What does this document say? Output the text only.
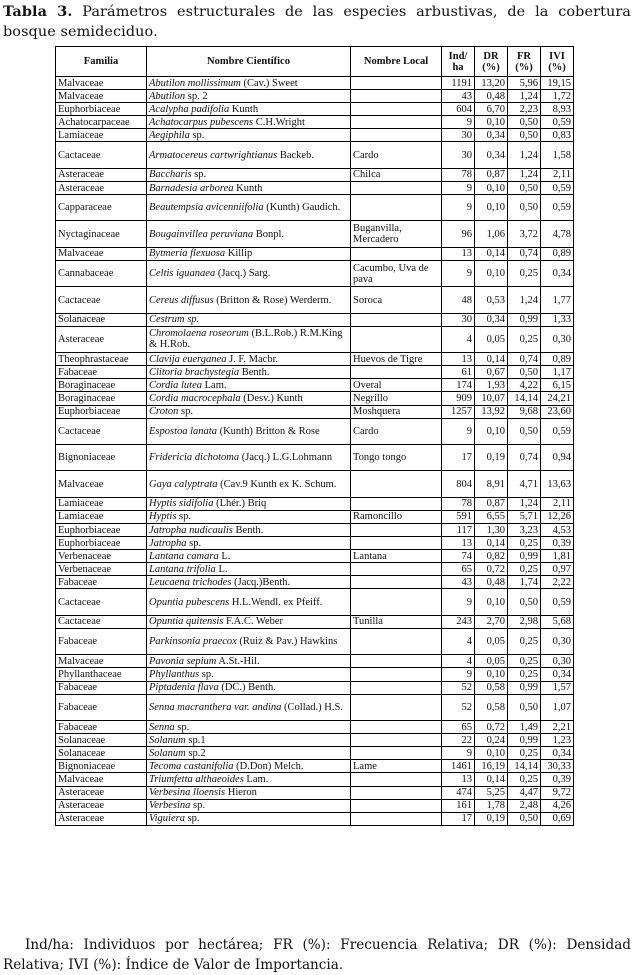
Tabla 3. Parámetros estructurales de las especies arbustivas, de la cobertura bosque semideciduo.
Familia	Nombre Científico	Nombre Local	Ind/ ha	DR (%)	FR (%)	IVI (%)
Malvaceae	Abutilon mollissimum (Cav.) Sweet		1191	13,20	5,96	19,15
Malvaceae	Abutilon sp. 2		43	0,48	1,24	1,72
Euphorbiaceae	Acalypha padifolia Kunth		604	6,70	2,23	8,93
Achatocarpaceae	Achatocarpus pubescens C.H.Wright		9	0,10	0,50	0,59
Lamiaceae	Aegiphila sp.		30	0,34	0,50	0,83
Cactaceae	Armatocereus cartwrightianus Backeb.	Cardo	30	0,34	1,24	1,58
Asteraceae	Baccharis sp.	Chilca	78	0,87	1,24	2,11
Asteraceae	Barnadesia arborea Kunth		9	0,10	0,50	0,59
Capparaceae	Beautempsia avicenniifolia (Kunth) Gaudich.		9	0,10	0,50	0,59
Nyctaginaceae	Bougainvillea peruviana Bonpl.	Buganvilla, Mercadero	96	1,06	3,72	4,78
Malvaceae	Bytmeria flexuosa Killip		13	0,14	0,74	0,89
Cannabaceae	Celtis iguanaea (Jacq.) Sarg.	Cacumbo, Uva de pava	9	0,10	0,25	0,34
Cactaceae	Cereus diffusus (Britton & Rose) Werderm.	Soroca	48	0,53	1,24	1,77
Solanaceae	Cestrum sp.		30	0,34	0,99	1,33
Asteraceae	Chromolaena roseorum (B.L.Rob.) R.M.King & H.Rob.		4	0,05	0,25	0,30
Theophrastaceae	Clavija euerganea J. F. Macbr.	Huevos de Tigre	13	0,14	0,74	0,89
Fabaceae	Clitoria brachystegia Benth.		61	0,67	0,50	1,17
Boraginaceae	Cordia lutea Lam.	Overal	174	1,93	4,22	6,15
Boraginaceae	Cordia macrocephala (Desv.) Kunth	Negrillo	909	10,07	14,14	24,21
Euphorbiaceae	Croton sp.	Moshquera	1257	13,92	9,68	23,60
Cactaceae	Espostoa lanata (Kunth) Britton & Rose	Cardo	9	0,10	0,50	0,59
Bignoniaceae	Fridericia dichotoma (Jacq.) L.G.Lohmann	Tongo tongo	17	0,19	0,74	0,94
Malvaceae	Gaya calyptrata (Cav.9 Kunth ex K. Schum.		804	8,91	4,71	13,63
Lamiaceae	Hyptis sidifolia (Lhér.) Briq		78	0,87	1,24	2,11
Lamiaceae	Hyptis sp.	Ramoncillo	591	6,55	5,71	12,26
Euphorbiaceae	Jatropha nudicaulis Benth.		117	1,30	3,23	4,53
Euphorbiaceae	Jatropha sp.		13	0,14	0,25	0,39
Verbenaceae	Lantana camara L.	Lantana	74	0,82	0,99	1,81
Verbenaceae	Lantana trifolia L.		65	0,72	0,25	0,97
Fabaceae	Leucaena trichodes (Jacq.)Benth.		43	0,48	1,74	2,22
Cactaceae	Opuntia pubescens H.L.Wendl. ex Pfeiff.		9	0,10	0,50	0,59
Cactaceae	Opuntia quitensis F.A.C. Weber	Tunilla	243	2,70	2,98	5,68
Fabaceae	Parkinsonia praecox (Ruiz & Pav.) Hawkins		4	0,05	0,25	0,30
Malvaceae	Pavonia sepium A.St.-Hil.		4	0,05	0,25	0,30
Phyllanthaceae	Phyllanthus sp.		9	0,10	0,25	0,34
Fabaceae	Piptadenia flava (DC.) Benth.		52	0,58	0,99	1,57
Fabaceae	Senna macranthera var. andina (Collad.) H.S.		52	0,58	0,50	1,07
Fabaceae	Senna sp.		65	0,72	1,49	2,21
Solanaceae	Solanum sp.1		22	0,24	0,99	1,23
Solanaceae	Solanum sp.2		9	0,10	0,25	0,34
Bignoniaceae	Tecoma castanifolia (D.Don) Melch.	Lame	1461	16,19	14,14	30,33
Malvaceae	Triumfetta althaeoides Lam.		13	0,14	0,25	0,39
Asteraceae	Verbesina lloensis Hieron		474	5,25	4,47	9,72
Asteraceae	Verbesina sp.		161	1,78	2,48	4,26
Asteraceae	Viguiera sp.		17	0,19	0,50	0,69
Ind/ha: Individuos por hectárea; FR (%): Frecuencia Relativa; DR (%): Densidad Relativa; IVI (%): Índice de Valor de Importancia.
